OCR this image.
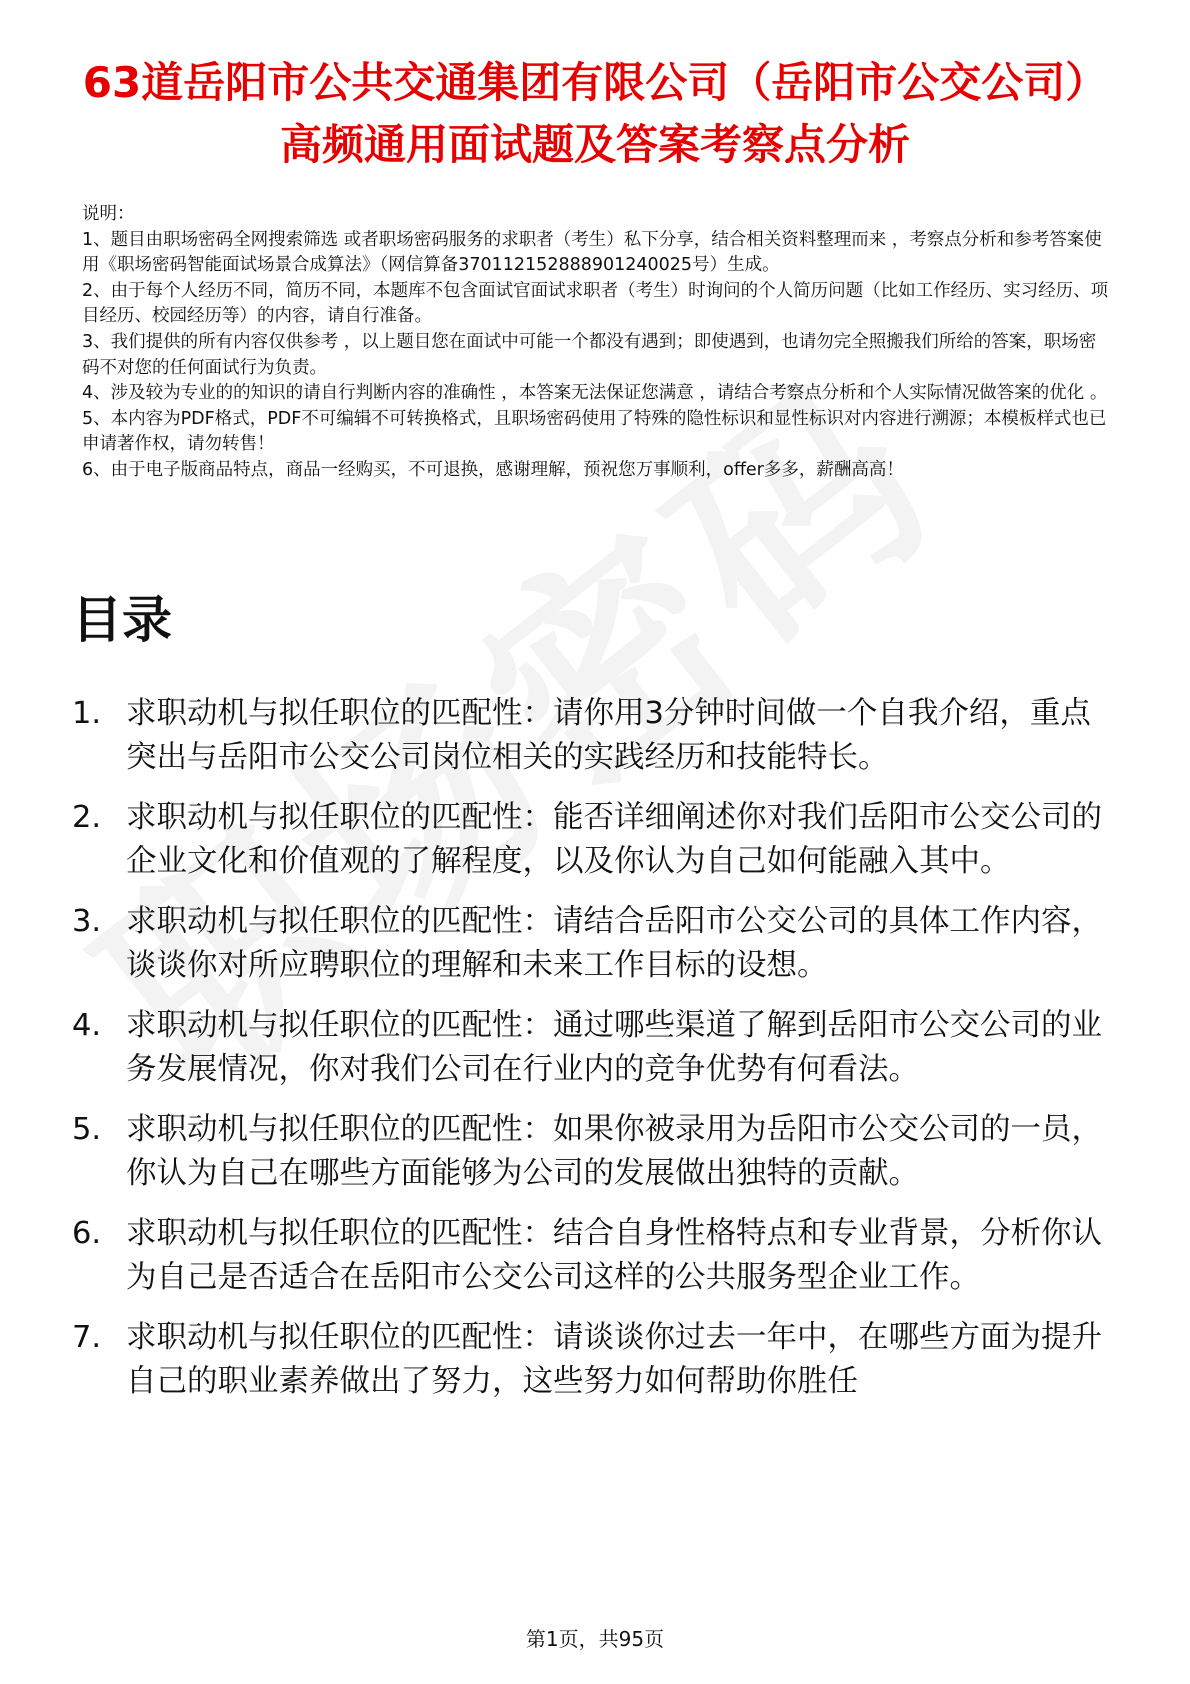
63道岳阳市公共交通集团有限公司（岳阳市公交公司）高频通用面试题及答案考察点分析

说明：

1、题目由职场密码全网搜索筛选 或者职场密码服务的求职者（考生）私下分享，结合相关资料整理而来 ，考察点分析和参考答案使用《职场密码智能面试场景合成算法》（网信算备370112152888901240025号）生成。

2、由于每个人经历不同，简历不同，本题库不包含面试官面试求职者（考生）时询问的个人简历问题（比如工作经历、实习经历、项目经历、校园经历等）的内容，请自行准备。

3、我们提供的所有内容仅供参考 ，以上题目您在面试中可能一个都没有遇到；即使遇到，也请勿完全照搬我们所给的答案，职场密码不对您的任何面试行为负责。

4、涉及较为专业的的知识的请自行判断内容的准确性 ，本答案无法保证您满意 ，请结合考察点分析和个人实际情况做答案的优化 。

5、本内容为PDF格式，PDF不可编辑不可转换格式，且职场密码使用了特殊的隐性标识和显性标识对内容进行溯源；本模板样式也已申请著作权，请勿转售！

6、由于电子版商品特点，商品一经购买，不可退换，感谢理解，预祝您万事顺利，offer多多，薪酬高高！

目录
1. 求职动机与拟任职位的匹配性：请你用3分钟时间做一个自我介绍，重点突出与岳阳市公交公司岗位相关的实践经历和技能特长。
2. 求职动机与拟任职位的匹配性：能否详细阐述你对我们岳阳市公交公司的企业文化和价值观的了解程度，以及你认为自己如何能融入其中。
3. 求职动机与拟任职位的匹配性：请结合岳阳市公交公司的具体工作内容，谈谈你对所应聘职位的理解和未来工作目标的设想。
4. 求职动机与拟任职位的匹配性：通过哪些渠道了解到岳阳市公交公司的业务发展情况，你对我们公司在行业内的竞争优势有何看法。
5. 求职动机与拟任职位的匹配性：如果你被录用为岳阳市公交公司的一员，你认为自己在哪些方面能够为公司的发展做出独特的贡献。
6. 求职动机与拟任职位的匹配性：结合自身性格特点和专业背景，分析你认为自己是否适合在岳阳市公交公司这样的公共服务型企业工作。
7. 求职动机与拟任职位的匹配性：请谈谈你过去一年中，在哪些方面为提升自己的职业素养做出了努力，这些努力如何帮助你胜任
第1页，共95页
